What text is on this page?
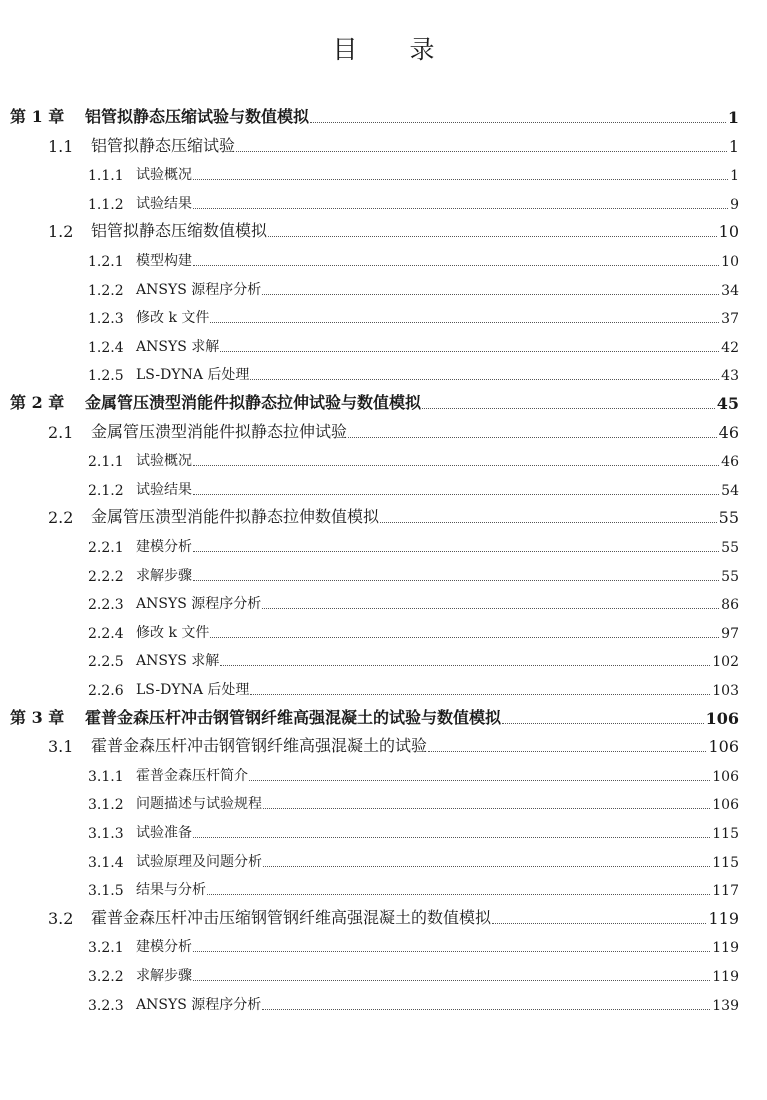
目 录
第 1 章	铝管拟静态压缩试验与数值模拟	1
1.1	铝管拟静态压缩试验	1
1.1.1 试验概况	1
1.1.2 试验结果	9
1.2	铝管拟静态压缩数值模拟	10
1.2.1 模型构建	10
1.2.2 ANSYS 源程序分析	34
1.2.3 修改 k 文件	37
1.2.4 ANSYS 求解	42
1.2.5 LS-DYNA 后处理	43
第 2 章	金属管压溃型消能件拟静态拉伸试验与数值模拟	45
2.1	金属管压溃型消能件拟静态拉伸试验	46
2.1.1 试验概况	46
2.1.2 试验结果	54
2.2	金属管压溃型消能件拟静态拉伸数值模拟	55
2.2.1 建模分析	55
2.2.2 求解步骤	55
2.2.3 ANSYS 源程序分析	86
2.2.4 修改 k 文件	97
2.2.5 ANSYS 求解	102
2.2.6 LS-DYNA 后处理	103
第 3 章	霍普金森压杆冲击钢管钢纤维高强混凝土的试验与数值模拟	106
3.1	霍普金森压杆冲击钢管钢纤维高强混凝土的试验	106
3.1.1 霍普金森压杆简介	106
3.1.2 问题描述与试验规程	106
3.1.3 试验准备	115
3.1.4 试验原理及问题分析	115
3.1.5 结果与分析	117
3.2	霍普金森压杆冲击压缩钢管钢纤维高强混凝土的数值模拟	119
3.2.1 建模分析	119
3.2.2 求解步骤	119
3.2.3 ANSYS 源程序分析	139
